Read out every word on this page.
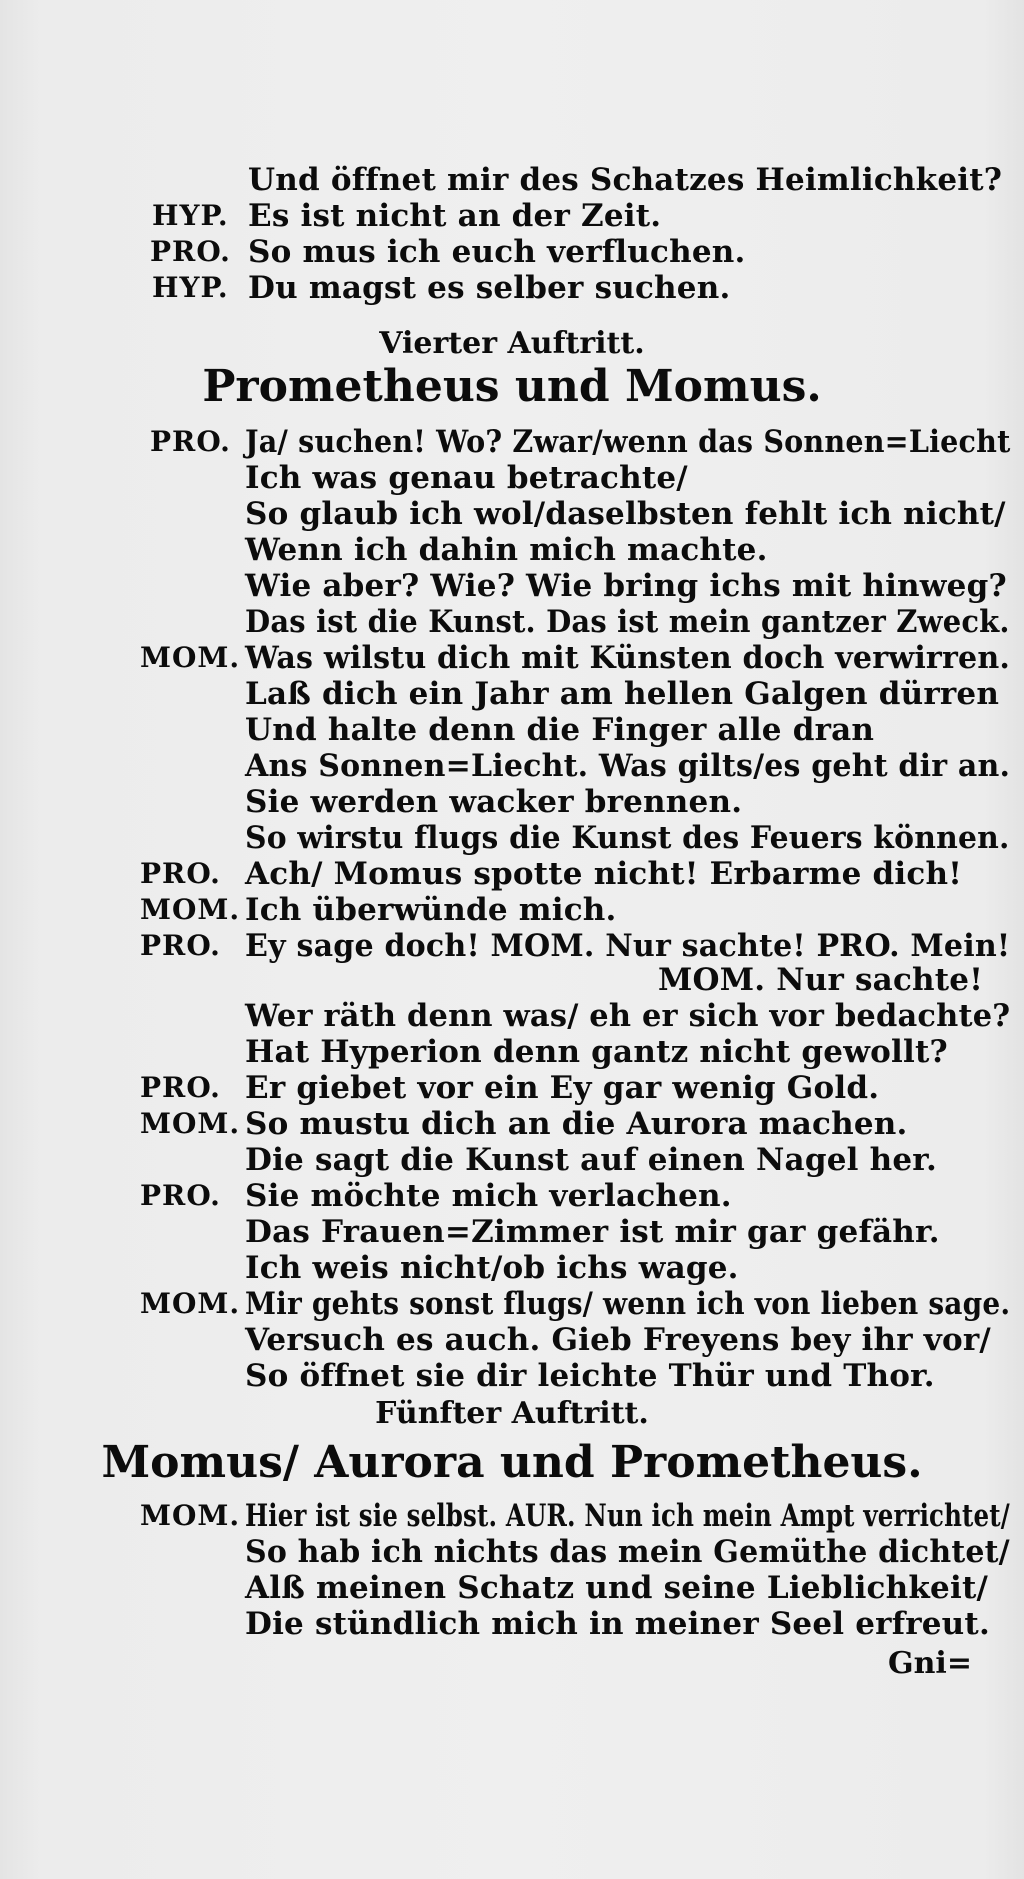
Und öffnet mir des Schatzes Heimlichkeit?
HYP. Es ist nicht an der Zeit.
PRO. So mus ich euch verfluchen.
HYP. Du magst es selber suchen.
Vierter Auftritt.
Prometheus und Momus.
PRO. Ja/ suchen! Wo? Zwar/wenn das Sonnen=Liecht
Ich was genau betrachte/
So glaub ich wol/daselbsten fehlt ich nicht/
Wenn ich dahin mich machte.
Wie aber? Wie? Wie bring ichs mit hinweg?
Das ist die Kunst. Das ist mein gantzer Zweck.
MOM. Was wilstu dich mit Künsten doch verwirren.
Laß dich ein Jahr am hellen Galgen dürren
Und halte denn die Finger alle dran
Ans Sonnen=Liecht. Was gilts/es geht dir an.
Sie werden wacker brennen.
So wirstu flugs die Kunst des Feuers können.
PRO. Ach/ Momus spotte nicht! Erbarme dich!
MOM. Ich überwünde mich.
PRO. Ey sage doch! MOM. Nur sachte! PRO. Mein!
MOM. Nur sachte!
Wer räth denn was/ eh er sich vor bedachte?
Hat Hyperion denn gantz nicht gewollt?
PRO. Er giebet vor ein Ey gar wenig Gold.
MOM. So mustu dich an die Aurora machen.
Die sagt die Kunst auf einen Nagel her.
PRO. Sie möchte mich verlachen.
Das Frauen=Zimmer ist mir gar gefähr.
Ich weis nicht/ob ichs wage.
MOM. Mir gehts sonst flugs/ wenn ich von lieben sage.
Versuch es auch. Gieb Freyens bey ihr vor/
So öffnet sie dir leichte Thür und Thor.
Fünfter Auftritt.
Momus/ Aurora und Prometheus.
MOM. Hier ist sie selbst. AUR. Nun ich mein Ampt verrichtet/
So hab ich nichts das mein Gemüthe dichtet/
Alß meinen Schatz und seine Lieblichkeit/
Die stündlich mich in meiner Seel erfreut.
Gni=
